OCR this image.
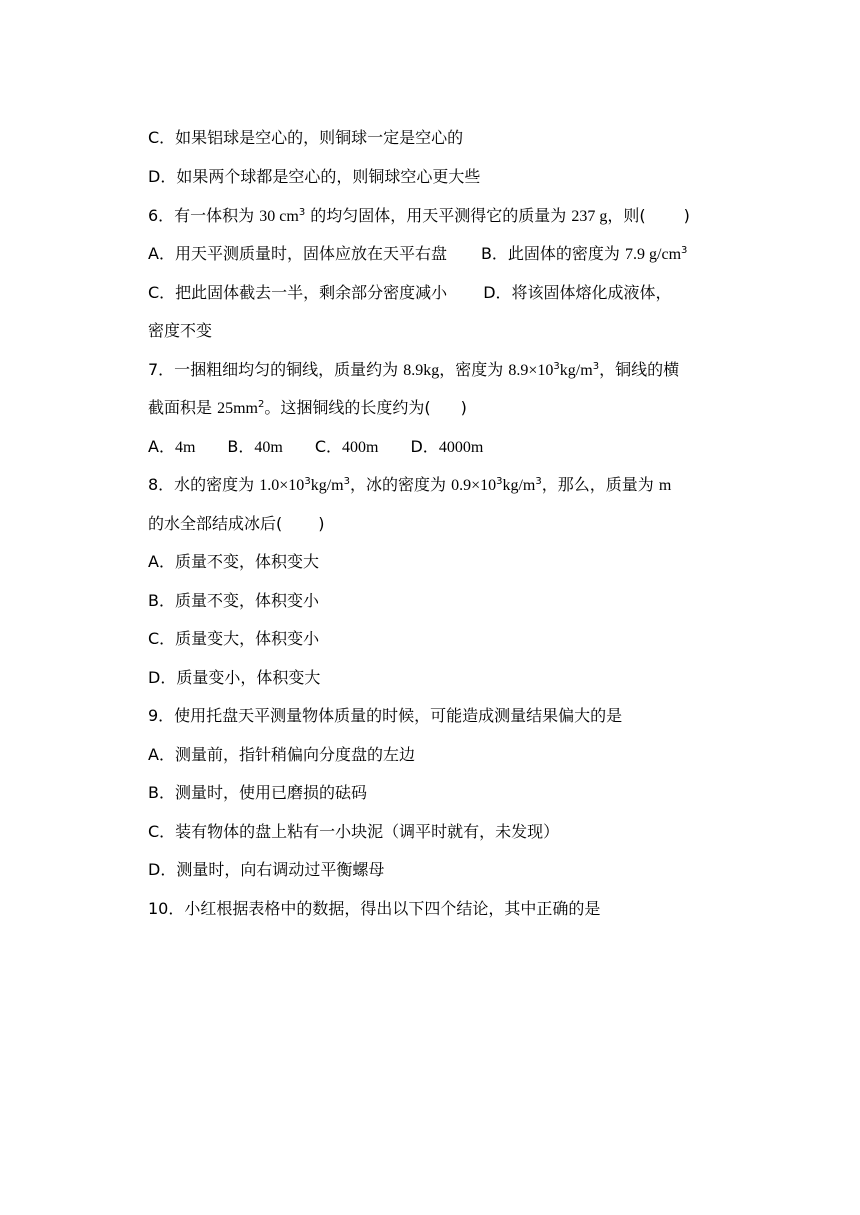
C．如果铝球是空心的，则铜球一定是空心的
D．如果两个球都是空心的，则铜球空心更大些
6．有一体积为 30 $cm^3$ 的均匀固体，用天平测得它的质量为 237 g，则( )
A．用天平测质量时，固体应放在天平右盘 B．此固体的密度为 7.9 $g/cm^3$
C．把此固体截去一半，剩余部分密度减小 D．将该固体熔化成液体，
密度不变
7．一捆粗细均匀的铜线，质量约为 8.9kg，密度为 $8.9\times 10^3kg/m^3$，铜线的横
截面积是 $25mm^2$。这捆铜线的长度约为( )
A．4m B．40m C．400m D．4000m
8．水的密度为 $1.0\times 10^3kg/m^3$，冰的密度为 $0.9\times 10^3kg/m^3$，那么，质量为 m
的水全部结成冰后( )
A．质量不变，体积变大
B．质量不变，体积变小
C．质量变大，体积变小
D．质量变小，体积变大
9．使用托盘天平测量物体质量的时候，可能造成测量结果偏大的是
A．测量前，指针稍偏向分度盘的左边
B．测量时，使用已磨损的砝码
C．装有物体的盘上粘有一小块泥（调平时就有，未发现）
D．测量时，向右调动过平衡螺母
10．小红根据表格中的数据，得出以下四个结论，其中正确的是
